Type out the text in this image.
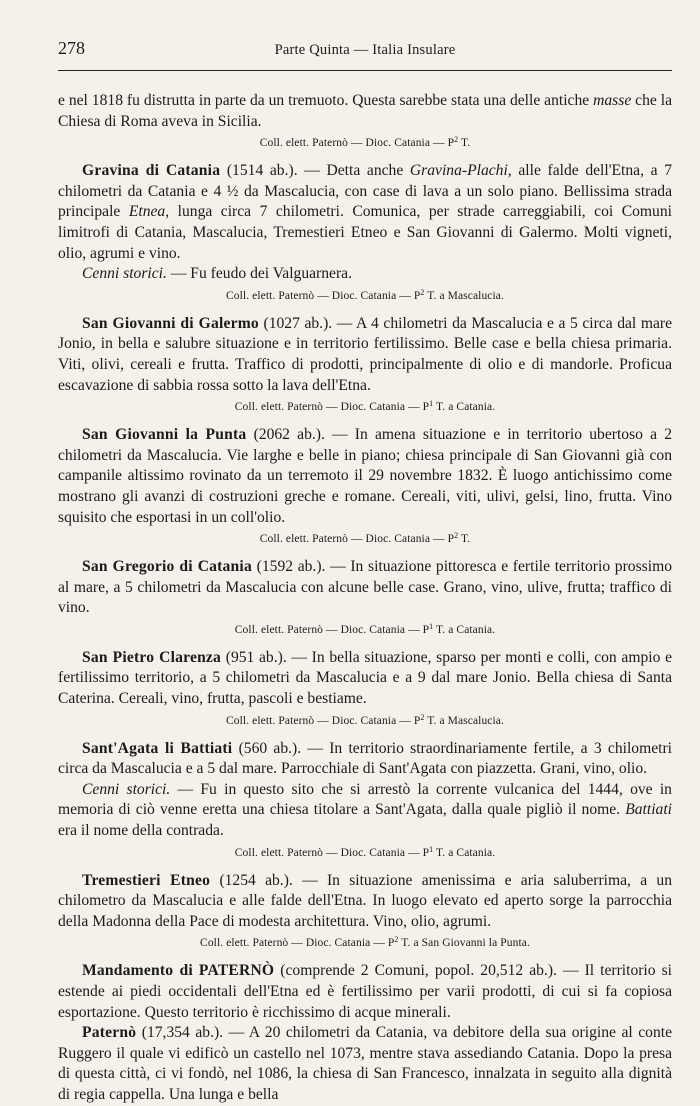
278	Parte Quinta — Italia Insulare

e nel 1818 fu distrutta in parte da un tremuoto. Questa sarebbe stata una delle antiche masse che la Chiesa di Roma aveva in Sicilia.

Coll. elett. Paternò — Dioc. Catania — $P^2$ T.

Gravina di Catania (1514 ab.). — Detta anche Gravina-Plachi, alle falde dell'Etna, a 7 chilometri da Catania e 4 ½ da Mascalucia, con case di lava a un solo piano. Bellissima strada principale Etnea, lunga circa 7 chilometri. Comunica, per strade carreggiabili, coi Comuni limitrofi di Catania, Mascalucia, Tremestieri Etneo e San Giovanni di Galermo. Molti vigneti, olio, agrumi e vino.

Cenni storici. — Fu feudo dei Valguarnera.

Coll. elett. Paternò — Dioc. Catania — $P^2$ T. a Mascalucia.

San Giovanni di Galermo (1027 ab.). — A 4 chilometri da Mascalucia e a 5 circa dal mare Jonio, in bella e salubre situazione e in territorio fertilissimo. Belle case e bella chiesa primaria. Viti, olivi, cereali e frutta. Traffico di prodotti, principalmente di olio e di mandorle. Proficua escavazione di sabbia rossa sotto la lava dell'Etna.

Coll. elett. Paternò — Dioc. Catania — $P^1$ T. a Catania.

San Giovanni la Punta (2062 ab.). — In amena situazione e in territorio ubertoso a 2 chilometri da Mascalucia. Vie larghe e belle in piano; chiesa principale di San Giovanni già con campanile altissimo rovinato da un terremoto il 29 novembre 1832. È luogo antichissimo come mostrano gli avanzi di costruzioni greche e romane. Cereali, viti, ulivi, gelsi, lino, frutta. Vino squisito che esportasi in un coll'olio.

Coll. elett. Paternò — Dioc. Catania — $P^2$ T.

San Gregorio di Catania (1592 ab.). — In situazione pittoresca e fertile territorio prossimo al mare, a 5 chilometri da Mascalucia con alcune belle case. Grano, vino, ulive, frutta; traffico di vino.

Coll. elett. Paternò — Dioc. Catania — $P^1$ T. a Catania.

San Pietro Clarenza (951 ab.). — In bella situazione, sparso per monti e colli, con ampio e fertilissimo territorio, a 5 chilometri da Mascalucia e a 9 dal mare Jonio. Bella chiesa di Santa Caterina. Cereali, vino, frutta, pascoli e bestiame.

Coll. elett. Paternò — Dioc. Catania — $P^2$ T. a Mascalucia.

Sant'Agata li Battiati (560 ab.). — In territorio straordinariamente fertile, a 3 chilometri circa da Mascalucia e a 5 dal mare. Parrocchiale di Sant'Agata con piazzetta. Grani, vino, olio.

Cenni storici. — Fu in questo sito che si arrestò la corrente vulcanica del 1444, ove in memoria di ciò venne eretta una chiesa titolare a Sant'Agata, dalla quale pigliò il nome. Battiati era il nome della contrada.

Coll. elett. Paternò — Dioc. Catania — $P^1$ T. a Catania.

Tremestieri Etneo (1254 ab.). — In situazione amenissima e aria saluberrima, a un chilometro da Mascalucia e alle falde dell'Etna. In luogo elevato ed aperto sorge la parrocchia della Madonna della Pace di modesta architettura. Vino, olio, agrumi.

Coll. elett. Paternò — Dioc. Catania — $P^2$ T. a San Giovanni la Punta.

Mandamento di PATERNÒ (comprende 2 Comuni, popol. 20,512 ab.). — Il territorio si estende ai piedi occidentali dell'Etna ed è fertilissimo per varii prodotti, di cui si fa copiosa esportazione. Questo territorio è ricchissimo di acque minerali.

Paternò (17,354 ab.). — A 20 chilometri da Catania, va debitore della sua origine al conte Ruggero il quale vi edificò un castello nel 1073, mentre stava assediando Catania. Dopo la presa di questa città, ci vi fondò, nel 1086, la chiesa di San Francesco, innalzata in seguito alla dignità di regia cappella. Una lunga e bella
